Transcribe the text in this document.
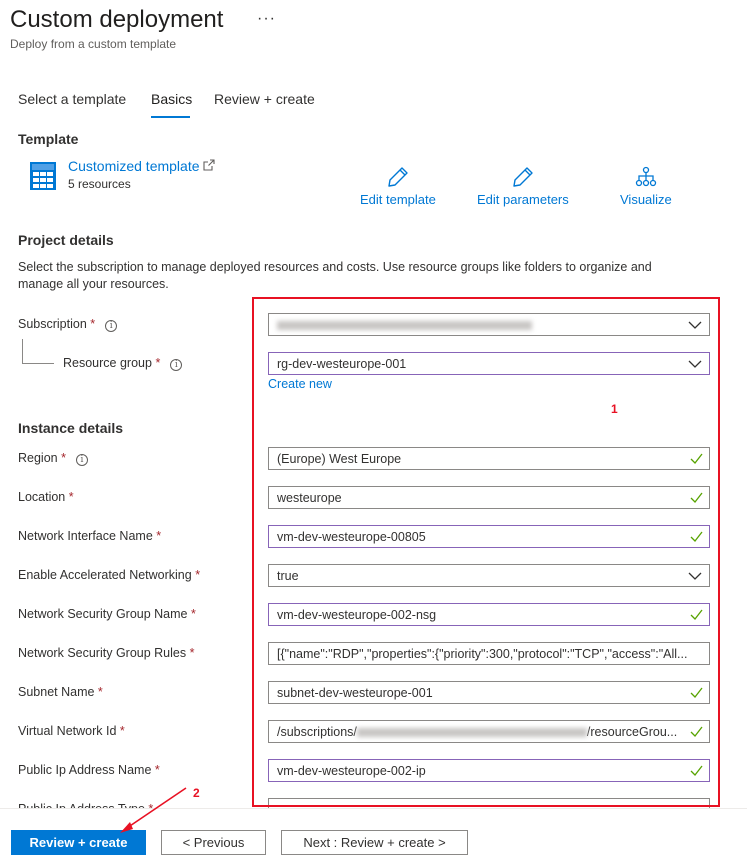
Custom deployment ···
Deploy from a custom template
Select a template Basics Review + create
Template
Customized template
5 resources
Edit template	Edit parameters	Visualize
Project details
Select the subscription to manage deployed resources and costs. Use resource groups like folders to organize and manage all your resources.
Subscription * i
Resource group * i	rg-dev-westeurope-001
Create new
Instance details
Region * i	(Europe) West Europe
Location *	westeurope
Network Interface Name *	vm-dev-westeurope-00805
Enable Accelerated Networking *	true
Network Security Group Name *	vm-dev-westeurope-002-nsg
Network Security Group Rules *	[{"name":"RDP","properties":{"priority":300,"protocol":"TCP","access":"All...
Subnet Name *	subnet-dev-westeurope-001
Virtual Network Id *	/subscriptions/	/resourceGrou...
Public Ip Address Name *	vm-dev-westeurope-002-ip
1
2
Review + create	< Previous	Next : Review + create >
